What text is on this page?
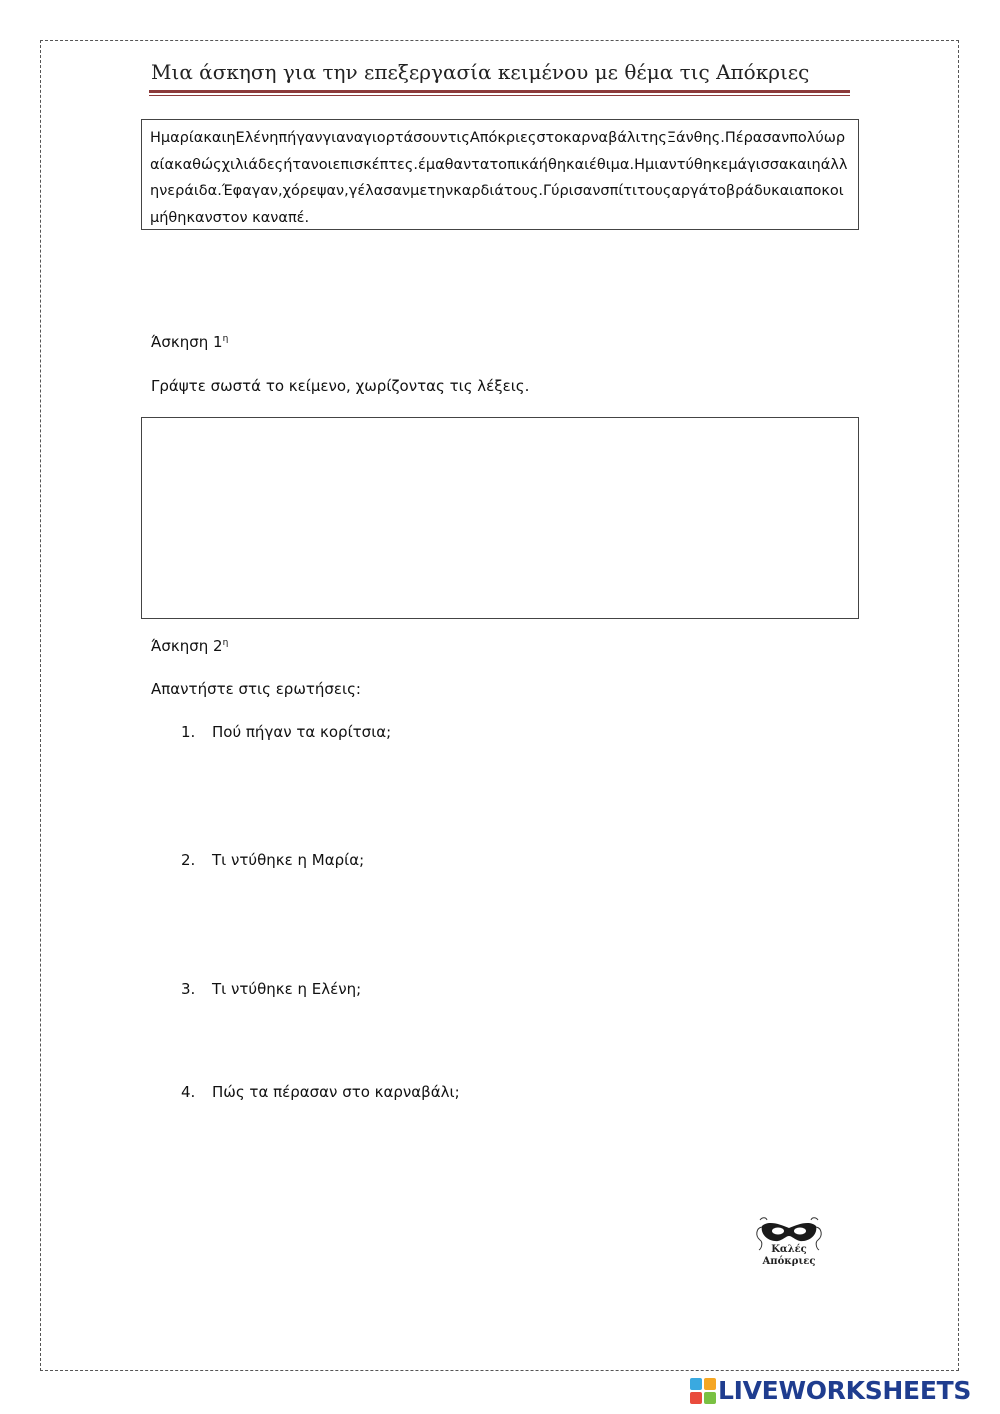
Μια άσκηση για την επεξεργασία κειμένου με θέμα τις Απόκριες
ΗμαρίακαιηΕλένηπήγανγιαναγιορτάσουντιςΑπόκριεςστοκαρναβάλιτηςΞάνθης.Πέρασανπολύωραίακαθώςχιλιάδεςήτανοιεπισκέπτες.έμαθαντατοπικάήθηκαιέθιμα.Ημιαντύθηκεμάγισσακαιηάλληνεράιδα.Έφαγαν,χόρεψαν,γέλασανμετηνκαρδιάτους.Γύρισανσπίτιτουςαργάτοβράδυκαιαποκοιμήθηκανστον καναπέ.
Άσκηση $1^\eta$
Γράψτε σωστά το κείμενο, χωρίζοντας τις λέξεις.
Άσκηση $2^\eta$
Απαντήστε στις ερωτήσεις:
1. Πού πήγαν τα κορίτσια;
2. Τι ντύθηκε η Μαρία;
3. Τι ντύθηκε η Ελένη;
4. Πώς τα πέρασαν στο καρναβάλι;
Καλές
Απόκριες
LIVEWORKSHEETS
